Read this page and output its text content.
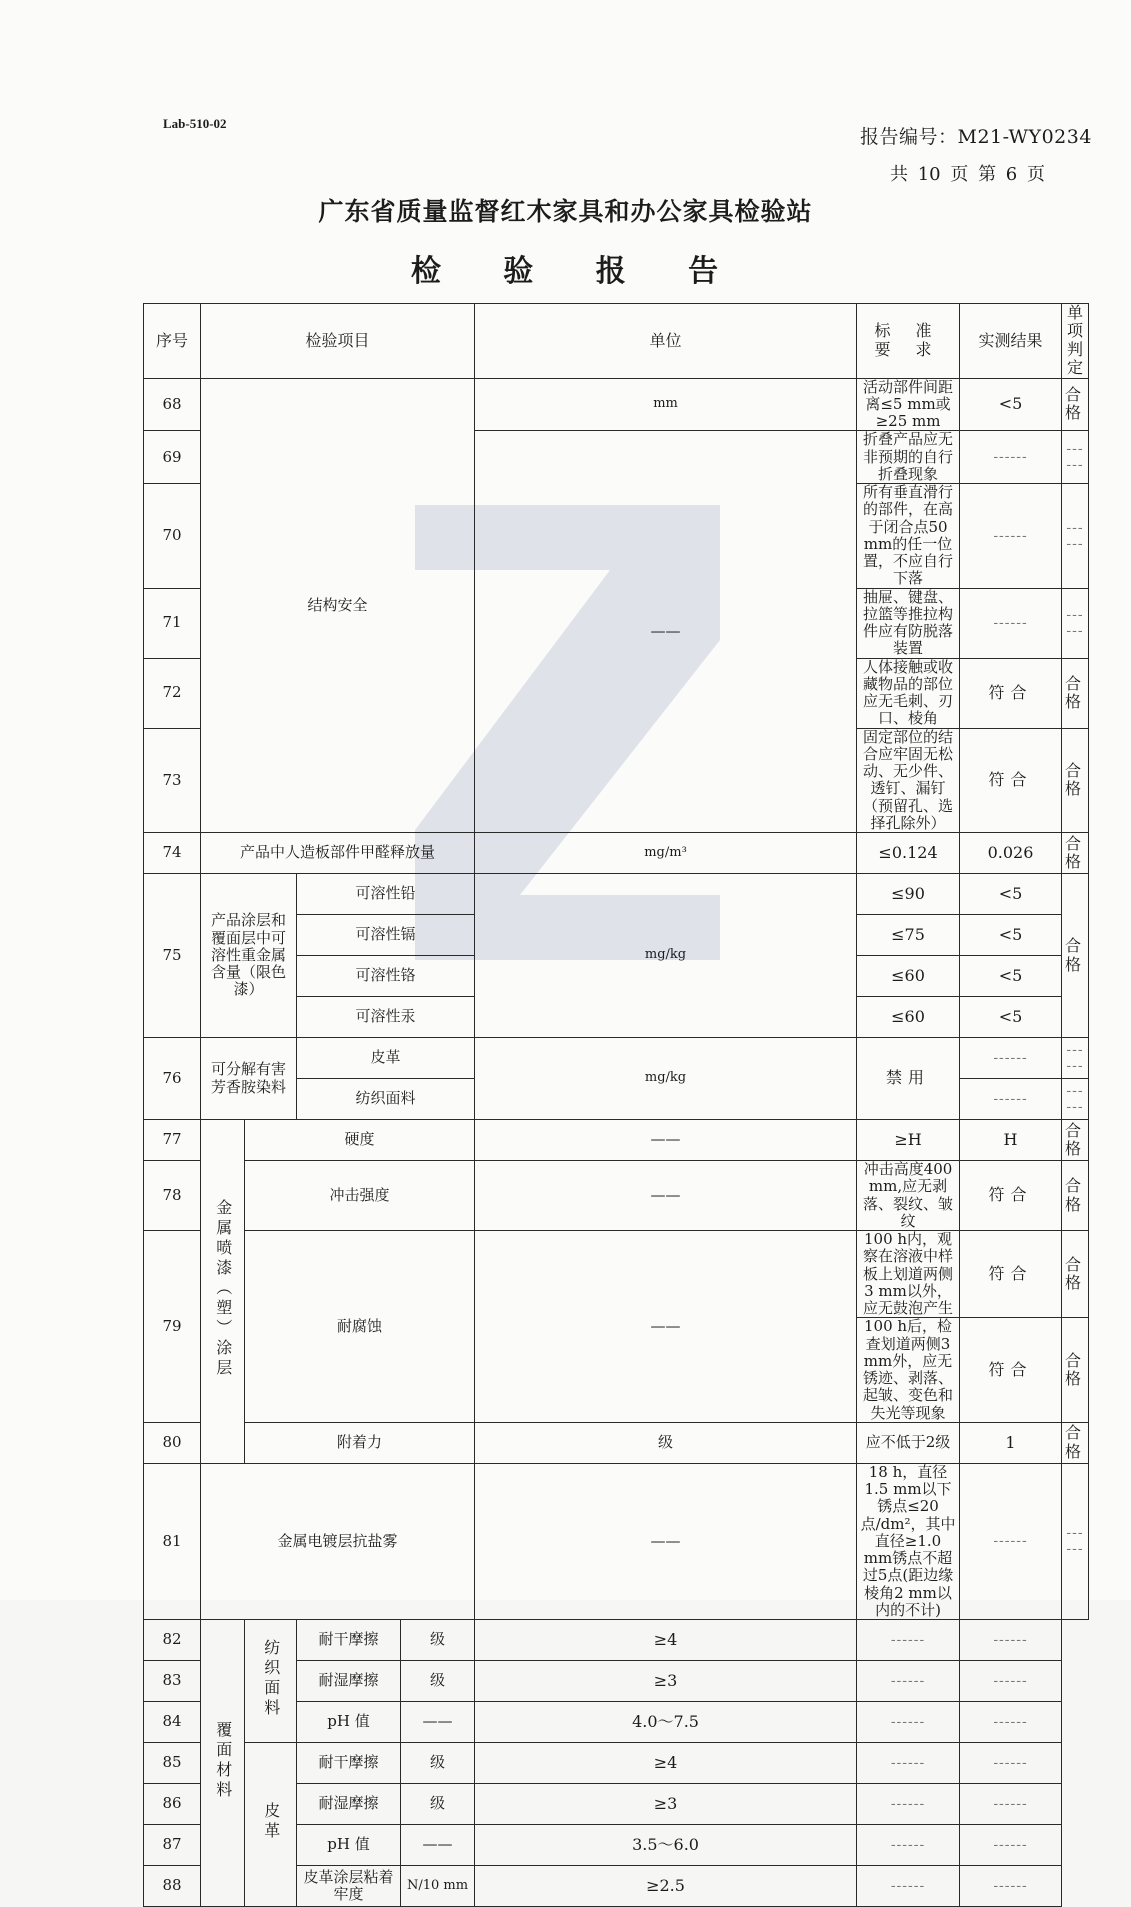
Lab-510-02
报告编号：M21-WY0234
共 10 页 第 6 页
广东省质量监督红木家具和办公家具检验站
检 验 报 告
序号	检验项目				单位	标 准 要 求	实测结果	单项判定
68	结构安全				mm	活动部件间距离≤5 mm或≥25 mm	<5	合格
69					——	折叠产品应无非预期的自行折叠现象	------	------
70						所有垂直滑行的部件，在高于闭合点50 mm的任一位置，不应自行下落	------	------
71						抽屉、键盘、拉篮等推拉构件应有防脱落装置	------	------
72						人体接触或收藏物品的部位应无毛刺、刃口、棱角	符合	合格
73						固定部位的结合应牢固无松动、无少件、透钉、漏钉（预留孔、选择孔除外）	符合	合格
74	产品中人造板部件甲醛释放量				mg/m³	≤0.124	0.026	合格
75	产品涂层和覆面层中可溶性重金属含量（限色漆）		可溶性铅		mg/kg	≤90	<5	合格
			可溶性镉			≤75	<5	
			可溶性铬			≤60	<5	
			可溶性汞			≤60	<5	
76	可分解有害芳香胺染料		皮革		mg/kg	禁用	------	------
			纺织面料				------	------
77	金属喷漆（塑）涂层	硬度			——	≥H	H	合格
78		冲击强度			——	冲击高度400 mm,应无剥落、裂纹、皱纹	符合	合格
79		耐腐蚀			——	100 h内，观察在溶液中样板上划道两侧3 mm以外，应无鼓泡产生	符合	合格
						100 h后，检查划道两侧3 mm外，应无锈迹、剥落、起皱、变色和失光等现象	符合	合格
80		附着力			级	应不低于2级	1	合格
81	金属电镀层抗盐雾				——	18 h，直径1.5 mm以下锈点≤20 点/dm²，其中直径≥1.0 mm锈点不超过5点(距边缘棱角2 mm以内的不计)	------	------
82	覆面材料	纺织面料	耐干摩擦	级	≥4	------	------	
83			耐湿摩擦	级	≥3	------	------	
84			pH 值	——	4.0～7.5	------	------	
85		皮革	耐干摩擦	级	≥4	------	------	
86			耐湿摩擦	级	≥3	------	------	
87			pH 值	——	3.5～6.0	------	------	
88			皮革涂层粘着牢度	N/10 mm	≥2.5	------	------	
